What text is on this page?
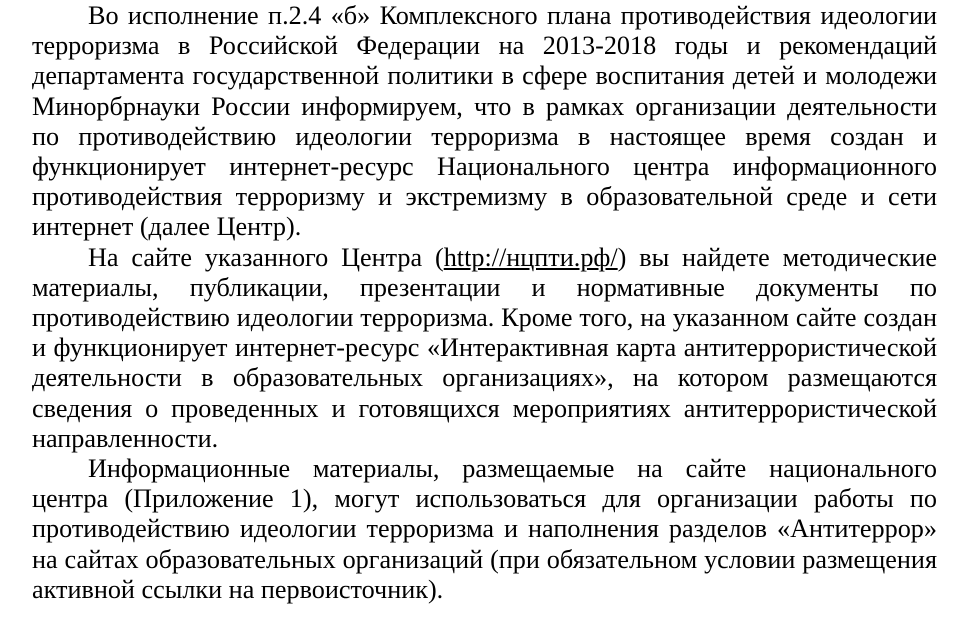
Во исполнение п.2.4 «б» Комплексного плана противодействия идеологии терроризма в Российской Федерации на 2013-2018 годы и рекомендаций департамента государственной политики в сфере воспитания детей и молодежи Минорбрнауки России информируем, что в рамках организации деятельности по противодействию идеологии терроризма в настоящее время создан и функционирует интернет-ресурс Национального центра информационного противодействия терроризму и экстремизму в образовательной среде и сети интернет (далее Центр).

На сайте указанного Центра (http://нцпти.рф/) вы найдете методические материалы, публикации, презентации и нормативные документы по противодействию идеологии терроризма. Кроме того, на указанном сайте создан и функционирует интернет-ресурс «Интерактивная карта антитеррористической деятельности в образовательных организациях», на котором размещаются сведения о проведенных и готовящихся мероприятиях антитеррористической направленности.

Информационные материалы, размещаемые на сайте национального центра (Приложение 1), могут использоваться для организации работы по противодействию идеологии терроризма и наполнения разделов «Антитеррор» на сайтах образовательных организаций (при обязательном условии размещения активной ссылки на первоисточник).
